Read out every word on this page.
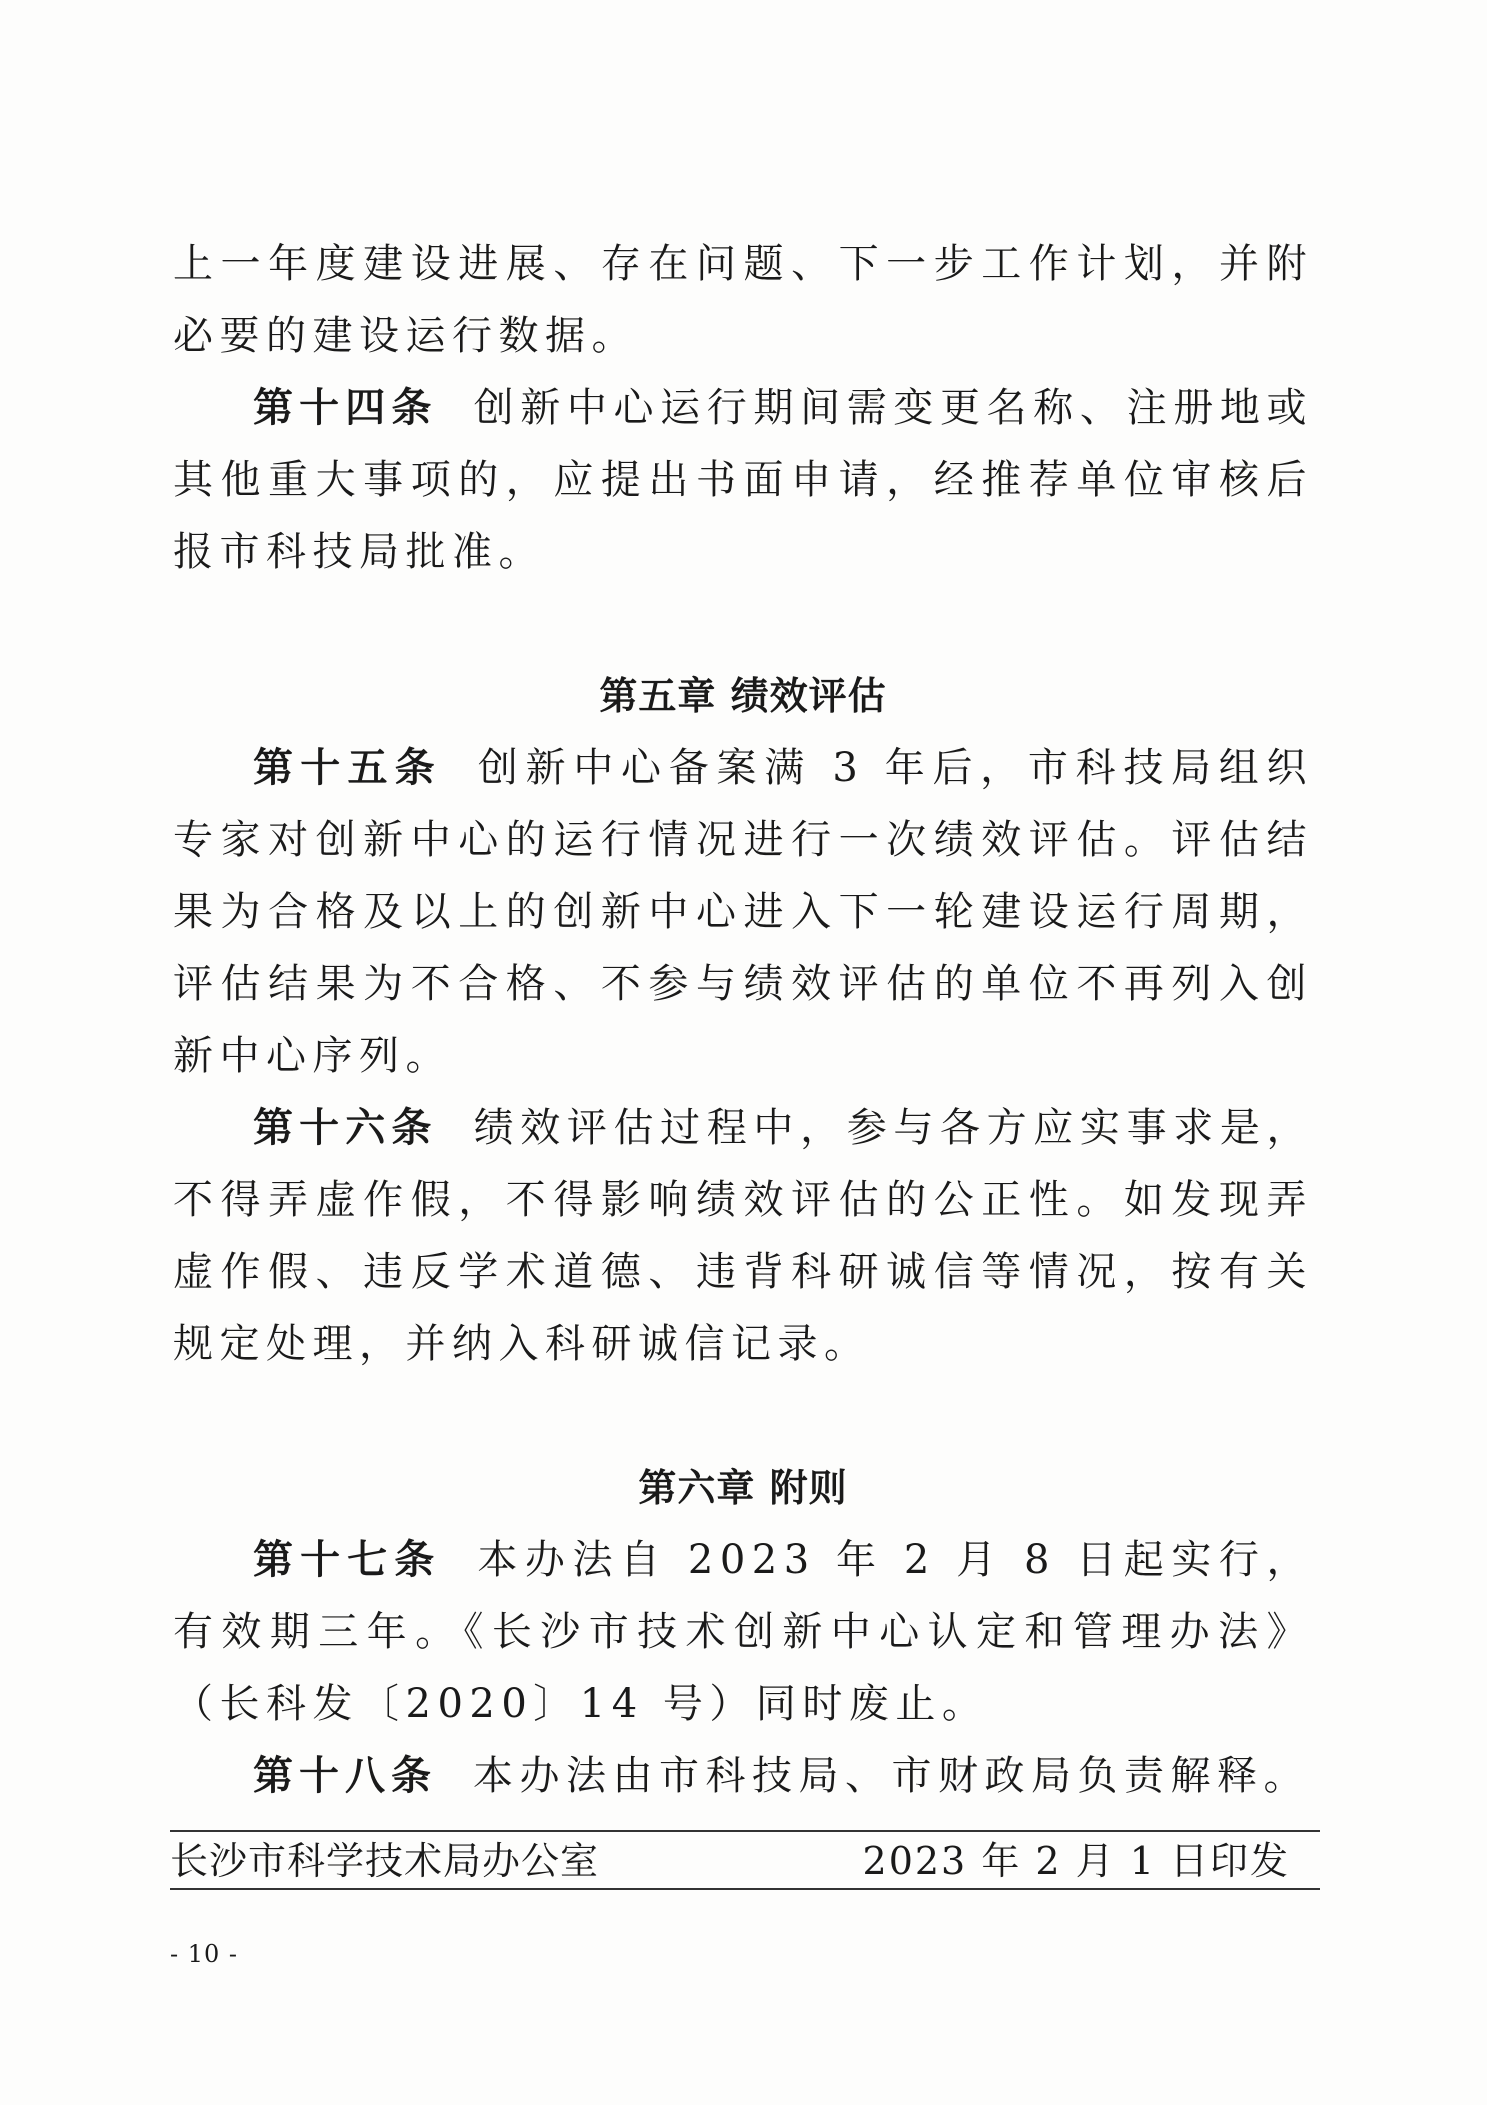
上一年度建设进展、存在问题、下一步工作计划，并附必要的建设运行数据。

第十四条 创新中心运行期间需变更名称、注册地或其他重大事项的，应提出书面申请，经推荐单位审核后报市科技局批准。

第五章 绩效评估

第十五条 创新中心备案满 3 年后，市科技局组织专家对创新中心的运行情况进行一次绩效评估。评估结果为合格及以上的创新中心进入下一轮建设运行周期，评估结果为不合格、不参与绩效评估的单位不再列入创新中心序列。

第十六条 绩效评估过程中，参与各方应实事求是，不得弄虚作假，不得影响绩效评估的公正性。如发现弄虚作假、违反学术道德、违背科研诚信等情况，按有关规定处理，并纳入科研诚信记录。

第六章 附则

第十七条 本办法自 2023 年 2 月 8 日起实行，有效期三年。《长沙市技术创新中心认定和管理办法》（长科发〔2020〕14 号）同时废止。

第十八条 本办法由市科技局、市财政局负责解释。

长沙市科学技术局办公室	2023 年 2 月 1 日印发
- 10 -
